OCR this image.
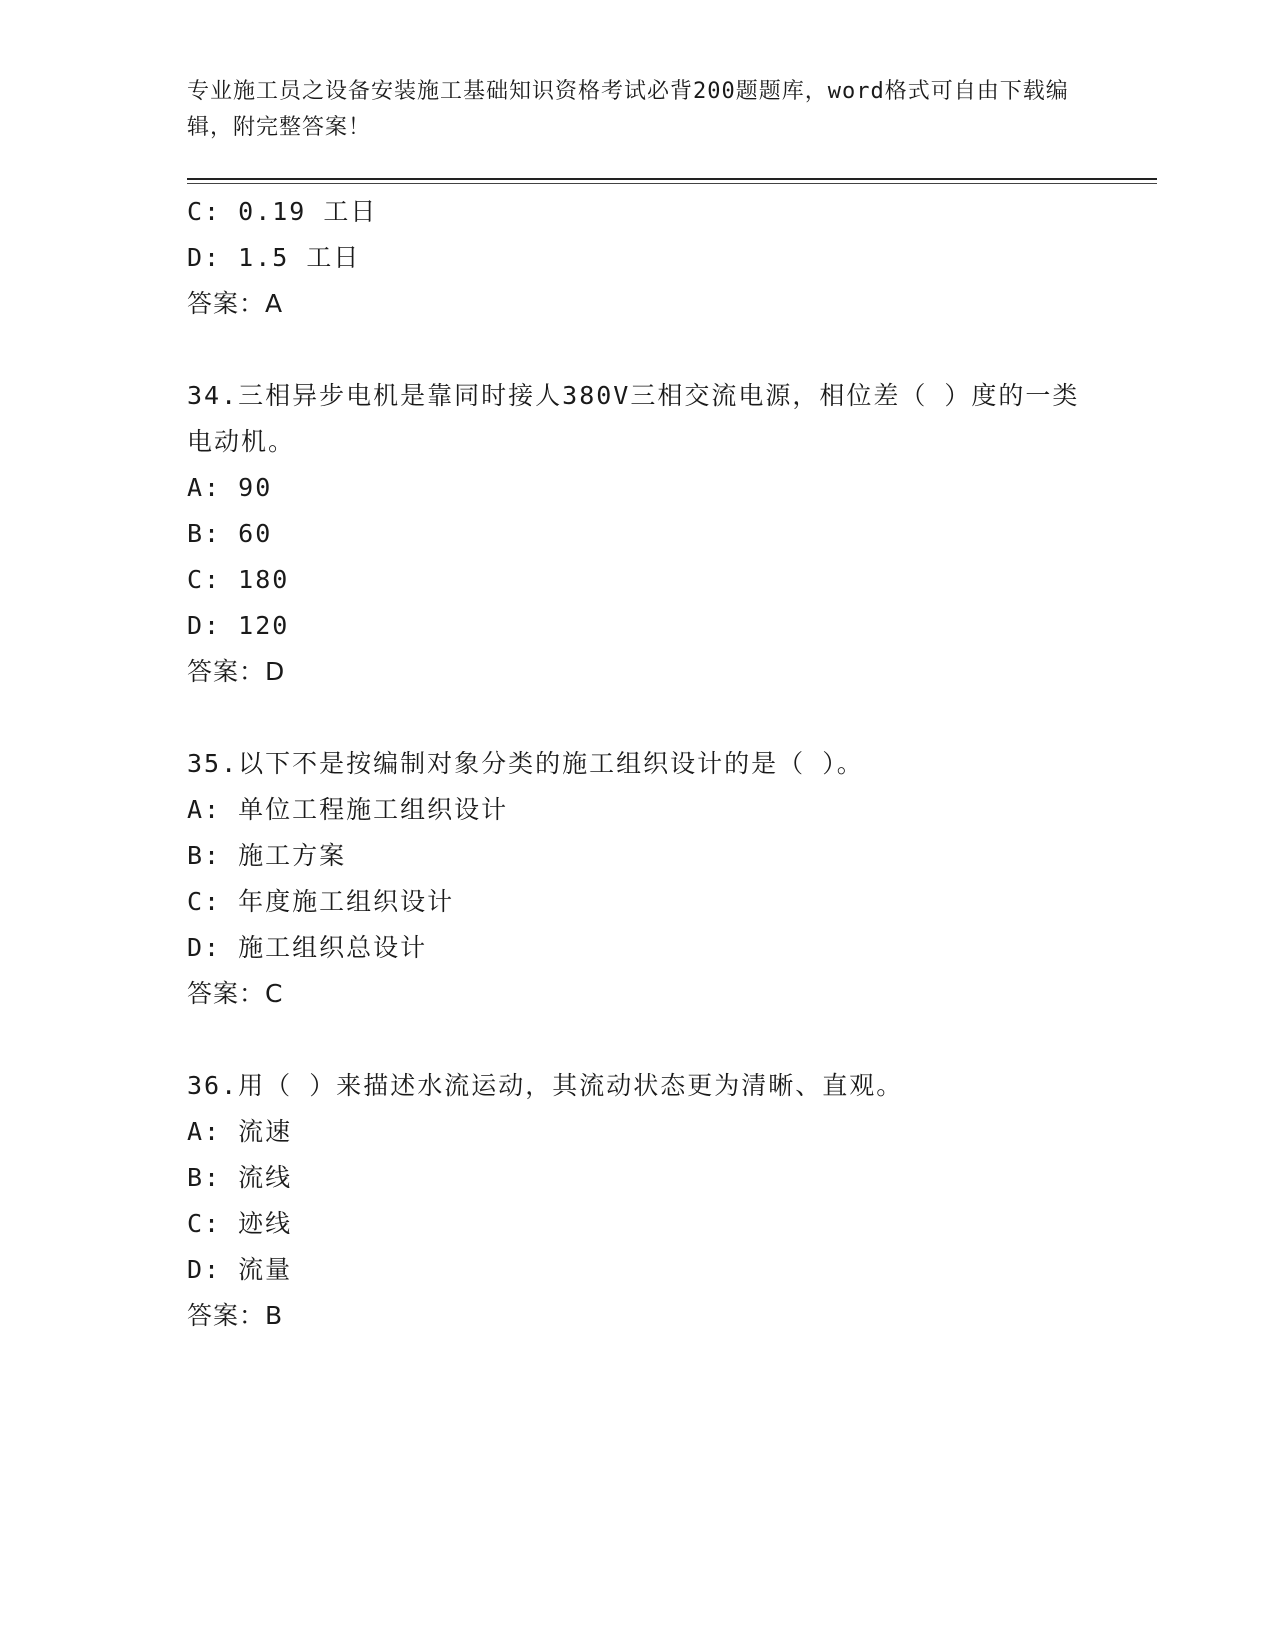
专业施工员之设备安装施工基础知识资格考试必背200题题库，word格式可自由下载编辑，附完整答案！
C: 0.19 工日
D: 1.5 工日
答案：A
34.三相异步电机是靠同时接人380V三相交流电源，相位差（ ）度的一类电动机。
A: 90
B: 60
C: 180
D: 120
答案：D
35.以下不是按编制对象分类的施工组织设计的是（ ）。
A: 单位工程施工组织设计
B: 施工方案
C: 年度施工组织设计
D: 施工组织总设计
答案：C
36.用（ ）来描述水流运动，其流动状态更为清晰、直观。
A: 流速
B: 流线
C: 迹线
D: 流量
答案：B
